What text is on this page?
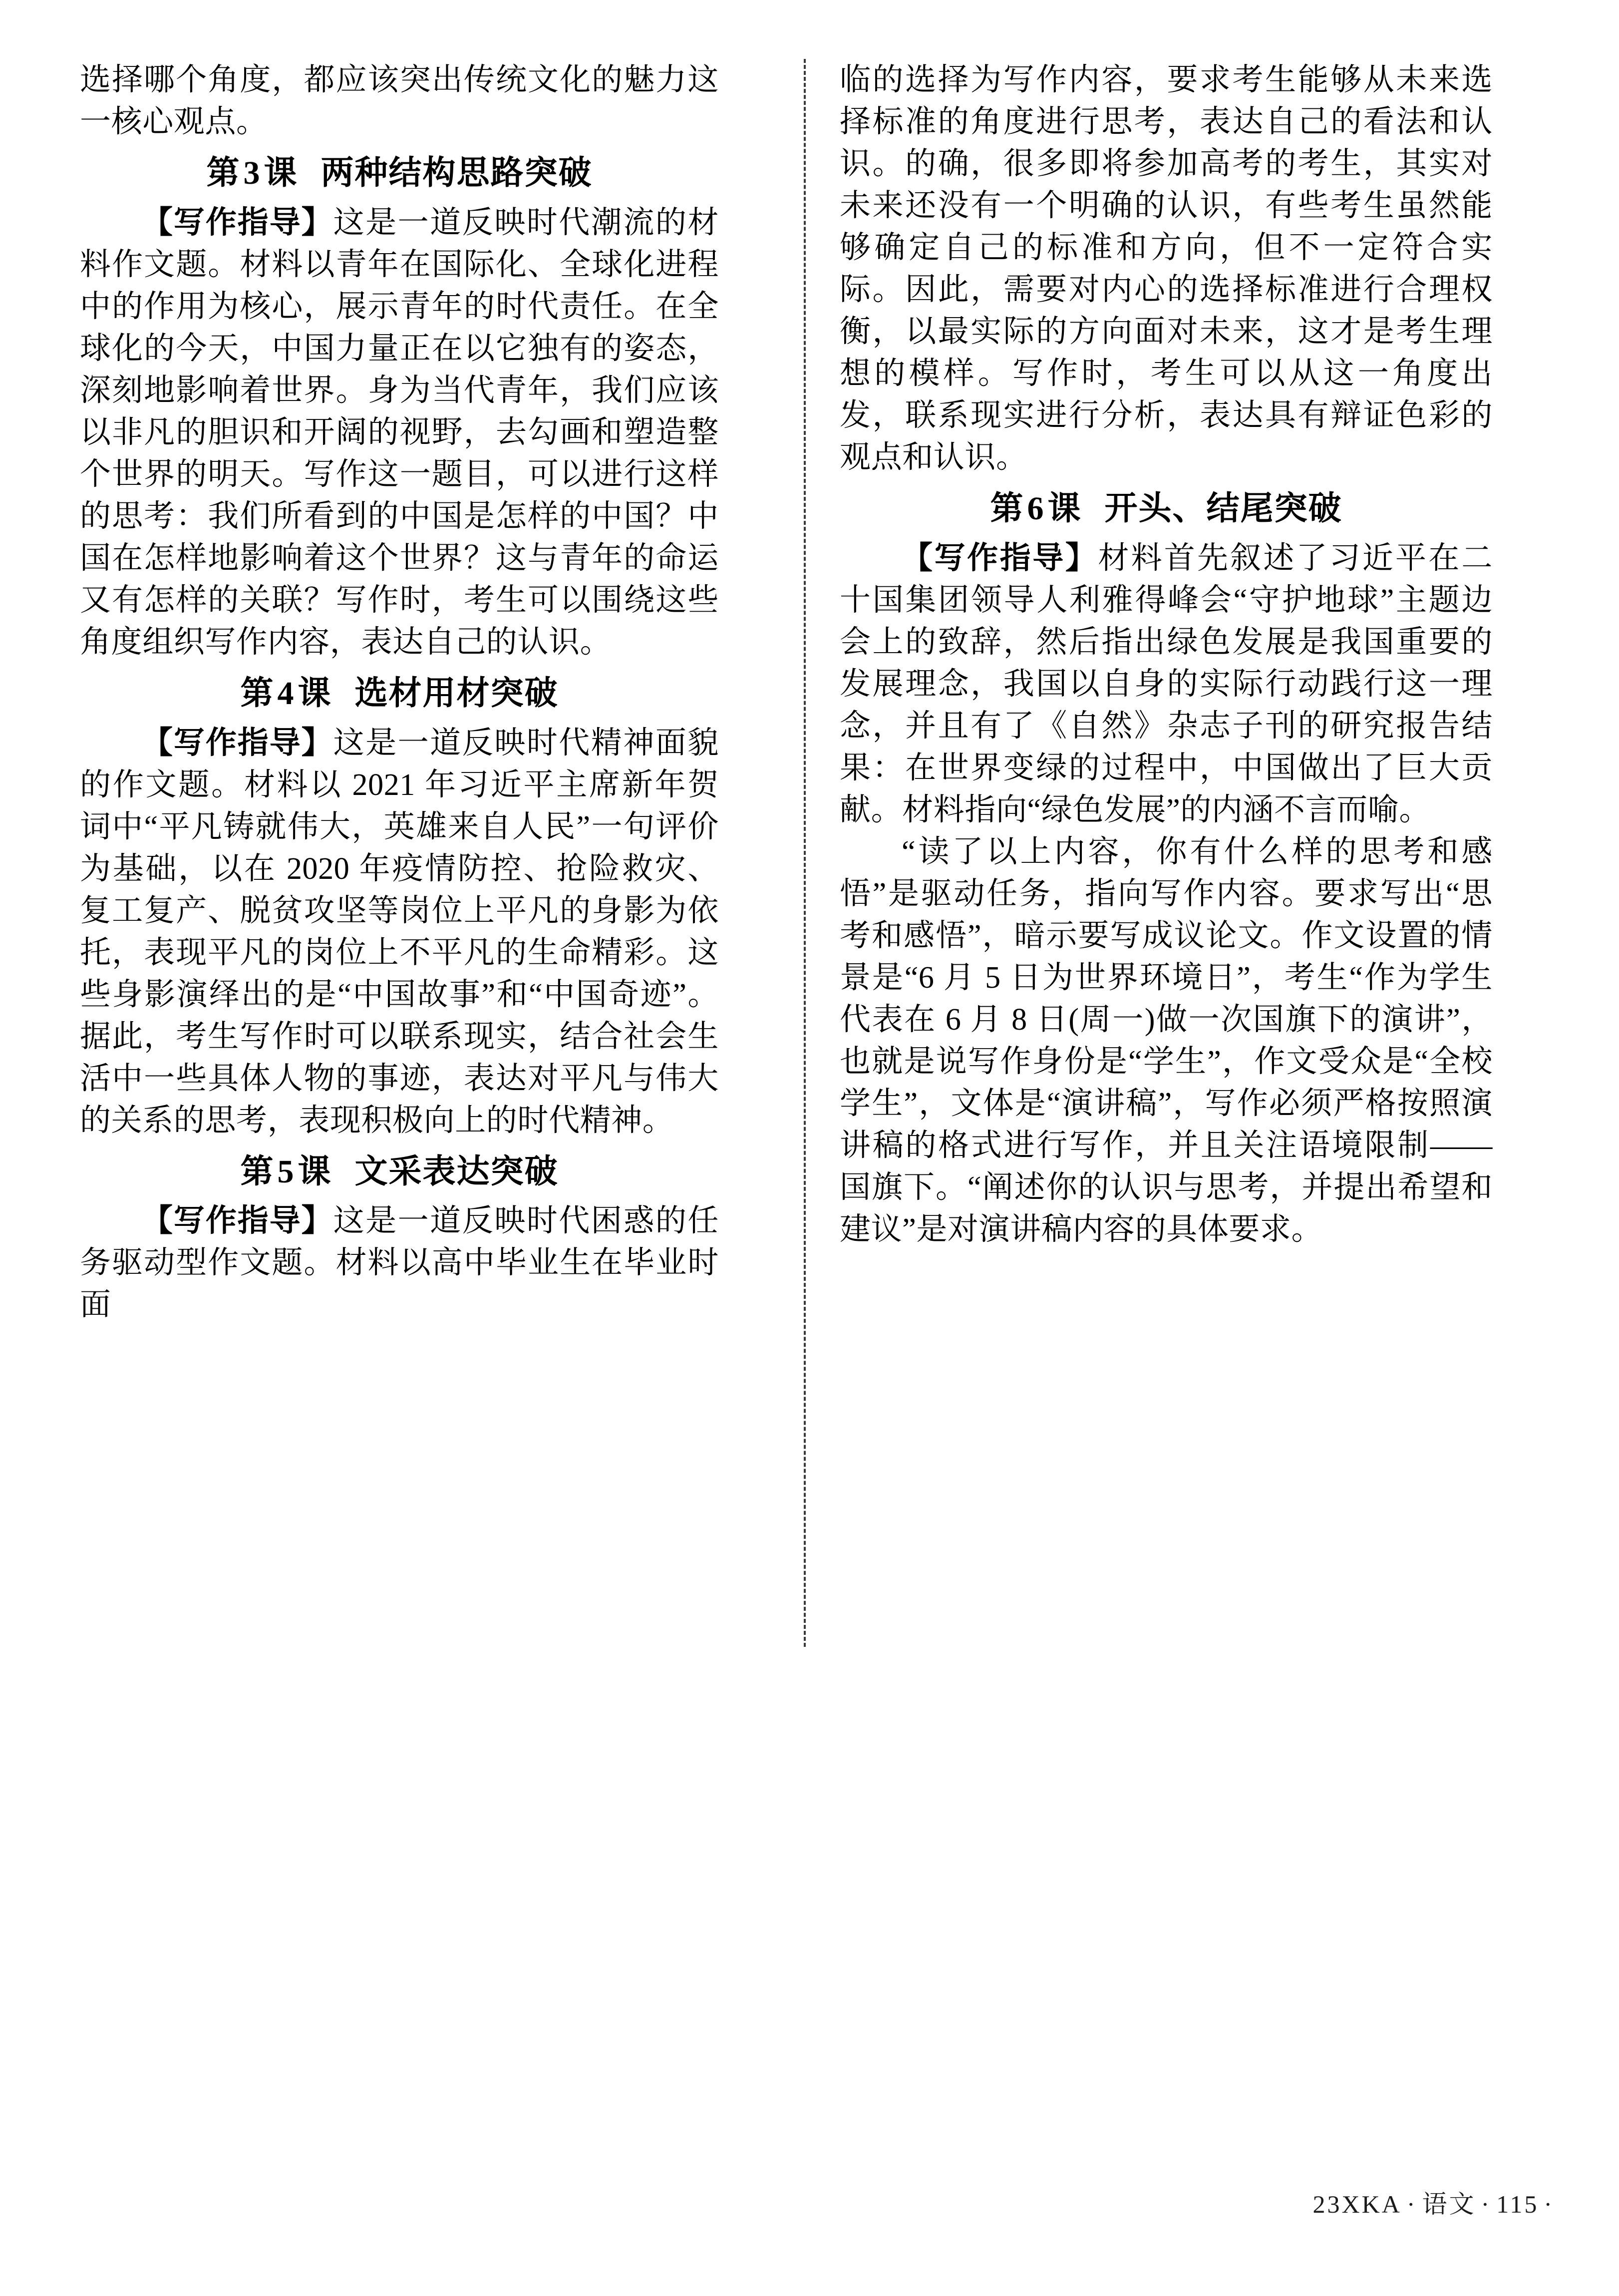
选择哪个角度，都应该突出传统文化的魅力这一核心观点。

第3课 两种结构思路突破

【写作指导】这是一道反映时代潮流的材料作文题。材料以青年在国际化、全球化进程中的作用为核心，展示青年的时代责任。在全球化的今天，中国力量正在以它独有的姿态，深刻地影响着世界。身为当代青年，我们应该以非凡的胆识和开阔的视野，去勾画和塑造整个世界的明天。写作这一题目，可以进行这样的思考：我们所看到的中国是怎样的中国？中国在怎样地影响着这个世界？这与青年的命运又有怎样的关联？写作时，考生可以围绕这些角度组织写作内容，表达自己的认识。

第4课 选材用材突破

【写作指导】这是一道反映时代精神面貌的作文题。材料以 2021 年习近平主席新年贺词中“平凡铸就伟大，英雄来自人民”一句评价为基础，以在 2020 年疫情防控、抢险救灾、复工复产、脱贫攻坚等岗位上平凡的身影为依托，表现平凡的岗位上不平凡的生命精彩。这些身影演绎出的是“中国故事”和“中国奇迹”。据此，考生写作时可以联系现实，结合社会生活中一些具体人物的事迹，表达对平凡与伟大的关系的思考，表现积极向上的时代精神。

第5课 文采表达突破

【写作指导】这是一道反映时代困惑的任务驱动型作文题。材料以高中毕业生在毕业时面

临的选择为写作内容，要求考生能够从未来选择标准的角度进行思考，表达自己的看法和认识。的确，很多即将参加高考的考生，其实对未来还没有一个明确的认识，有些考生虽然能够确定自己的标准和方向，但不一定符合实际。因此，需要对内心的选择标准进行合理权衡，以最实际的方向面对未来，这才是考生理想的模样。写作时，考生可以从这一角度出发，联系现实进行分析，表达具有辩证色彩的观点和认识。

第6课 开头、结尾突破

【写作指导】材料首先叙述了习近平在二十国集团领导人利雅得峰会“守护地球”主题边会上的致辞，然后指出绿色发展是我国重要的发展理念，我国以自身的实际行动践行这一理念，并且有了《自然》杂志子刊的研究报告结果：在世界变绿的过程中，中国做出了巨大贡献。材料指向“绿色发展”的内涵不言而喻。

“读了以上内容，你有什么样的思考和感悟”是驱动任务，指向写作内容。要求写出“思考和感悟”，暗示要写成议论文。作文设置的情景是“6 月 5 日为世界环境日”，考生“作为学生代表在 6 月 8 日(周一)做一次国旗下的演讲”，也就是说写作身份是“学生”，作文受众是“全校学生”，文体是“演讲稿”，写作必须严格按照演讲稿的格式进行写作，并且关注语境限制——国旗下。“阐述你的认识与思考，并提出希望和建议”是对演讲稿内容的具体要求。

23XKA · 语文 · 115 ·
